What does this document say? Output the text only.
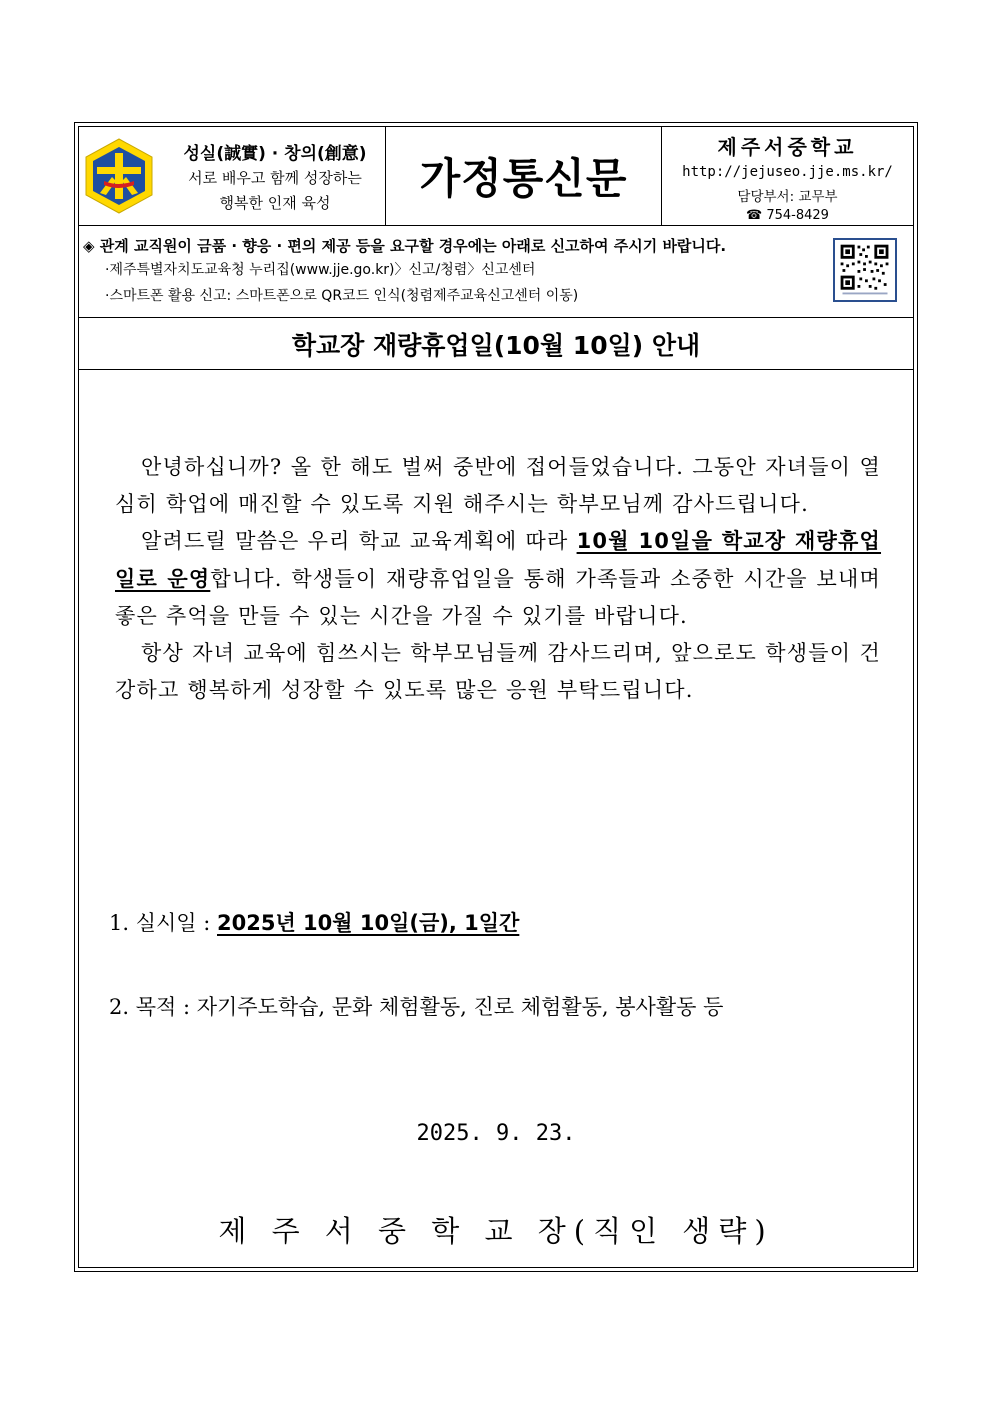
성실(誠實) · 창의(創意)
서로 배우고 함께 성장하는
행복한 인재 육성	가정통신문
제주서중학교
http://jejuseo.jje.ms.kr/
담당부서: 교무부
☎ 754-8429
◈ 관계 교직원이 금품 · 향응 · 편의 제공 등을 요구할 경우에는 아래로 신고하여 주시기 바랍니다.
·제주특별자치도교육청 누리집(www.jje.go.kr)〉신고/청렴〉신고센터
·스마트폰 활용 신고: 스마트폰으로 QR코드 인식(청렴제주교육신고센터 이동)
학교장 재량휴업일(10월 10일) 안내

안녕하십니까? 올 한 해도 벌써 중반에 접어들었습니다. 그동안 자녀들이 열심히 학업에 매진할 수 있도록 지원 해주시는 학부모님께 감사드립니다.

알려드릴 말씀은 우리 학교 교육계획에 따라 10월 10일을 학교장 재량휴업일로 운영합니다. 학생들이 재량휴업일을 통해 가족들과 소중한 시간을 보내며 좋은 추억을 만들 수 있는 시간을 가질 수 있기를 바랍니다.

항상 자녀 교육에 힘쓰시는 학부모님들께 감사드리며, 앞으로도 학생들이 건강하고 행복하게 성장할 수 있도록 많은 응원 부탁드립니다.

1. 실시일 : 2025년 10월 10일(금), 1일간
2. 목적 : 자기주도학습, 문화 체험활동, 진로 체험활동, 봉사활동 등
2025. 9. 23.
제 주 서 중 학 교 장(직인 생략)
